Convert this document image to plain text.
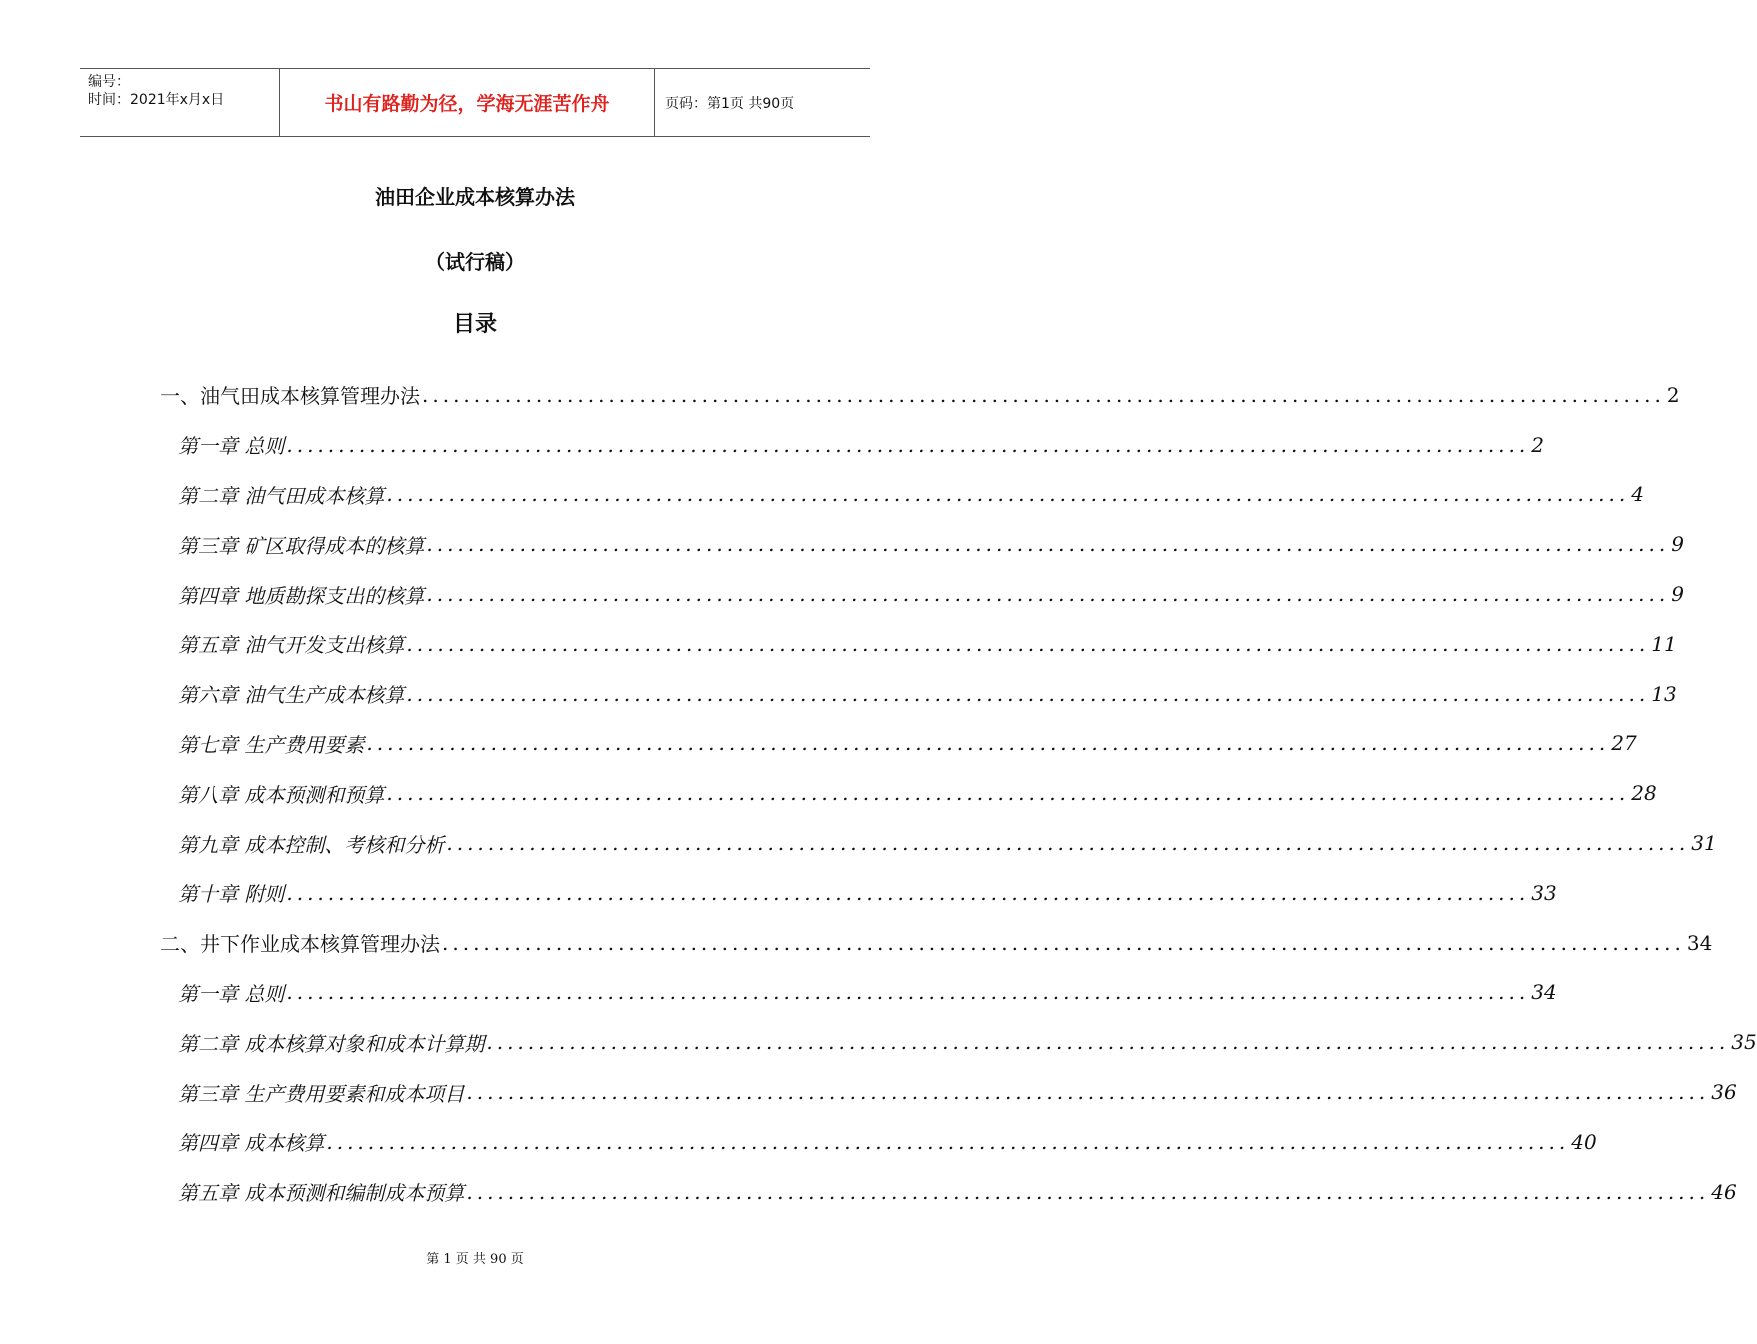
编号：
时间：2021年x月x日	书山有路勤为径，学海无涯苦作舟	页码：第1页 共90页
油田企业成本核算办法
（试行稿）
目录
一、油气田成本核算管理办法 ........................................................................................................................ 2
第一章 总则 ........................................................................................................................ 2
第二章 油气田成本核算 ........................................................................................................................ 4
第三章 矿区取得成本的核算 ........................................................................................................................ 9
第四章 地质勘探支出的核算 ........................................................................................................................ 9
第五章 油气开发支出核算 ........................................................................................................................ 11
第六章 油气生产成本核算 ........................................................................................................................ 13
第七章 生产费用要素 ........................................................................................................................ 27
第八章 成本预测和预算 ........................................................................................................................ 28
第九章 成本控制、考核和分析 ........................................................................................................................ 31
第十章 附则 ........................................................................................................................ 33
二、井下作业成本核算管理办法 ........................................................................................................................ 34
第一章 总则 ........................................................................................................................ 34
第二章 成本核算对象和成本计算期 ........................................................................................................................ 35
第三章 生产费用要素和成本项目 ........................................................................................................................ 36
第四章 成本核算 ........................................................................................................................ 40
第五章 成本预测和编制成本预算 ........................................................................................................................ 46
第 1 页 共 90 页
